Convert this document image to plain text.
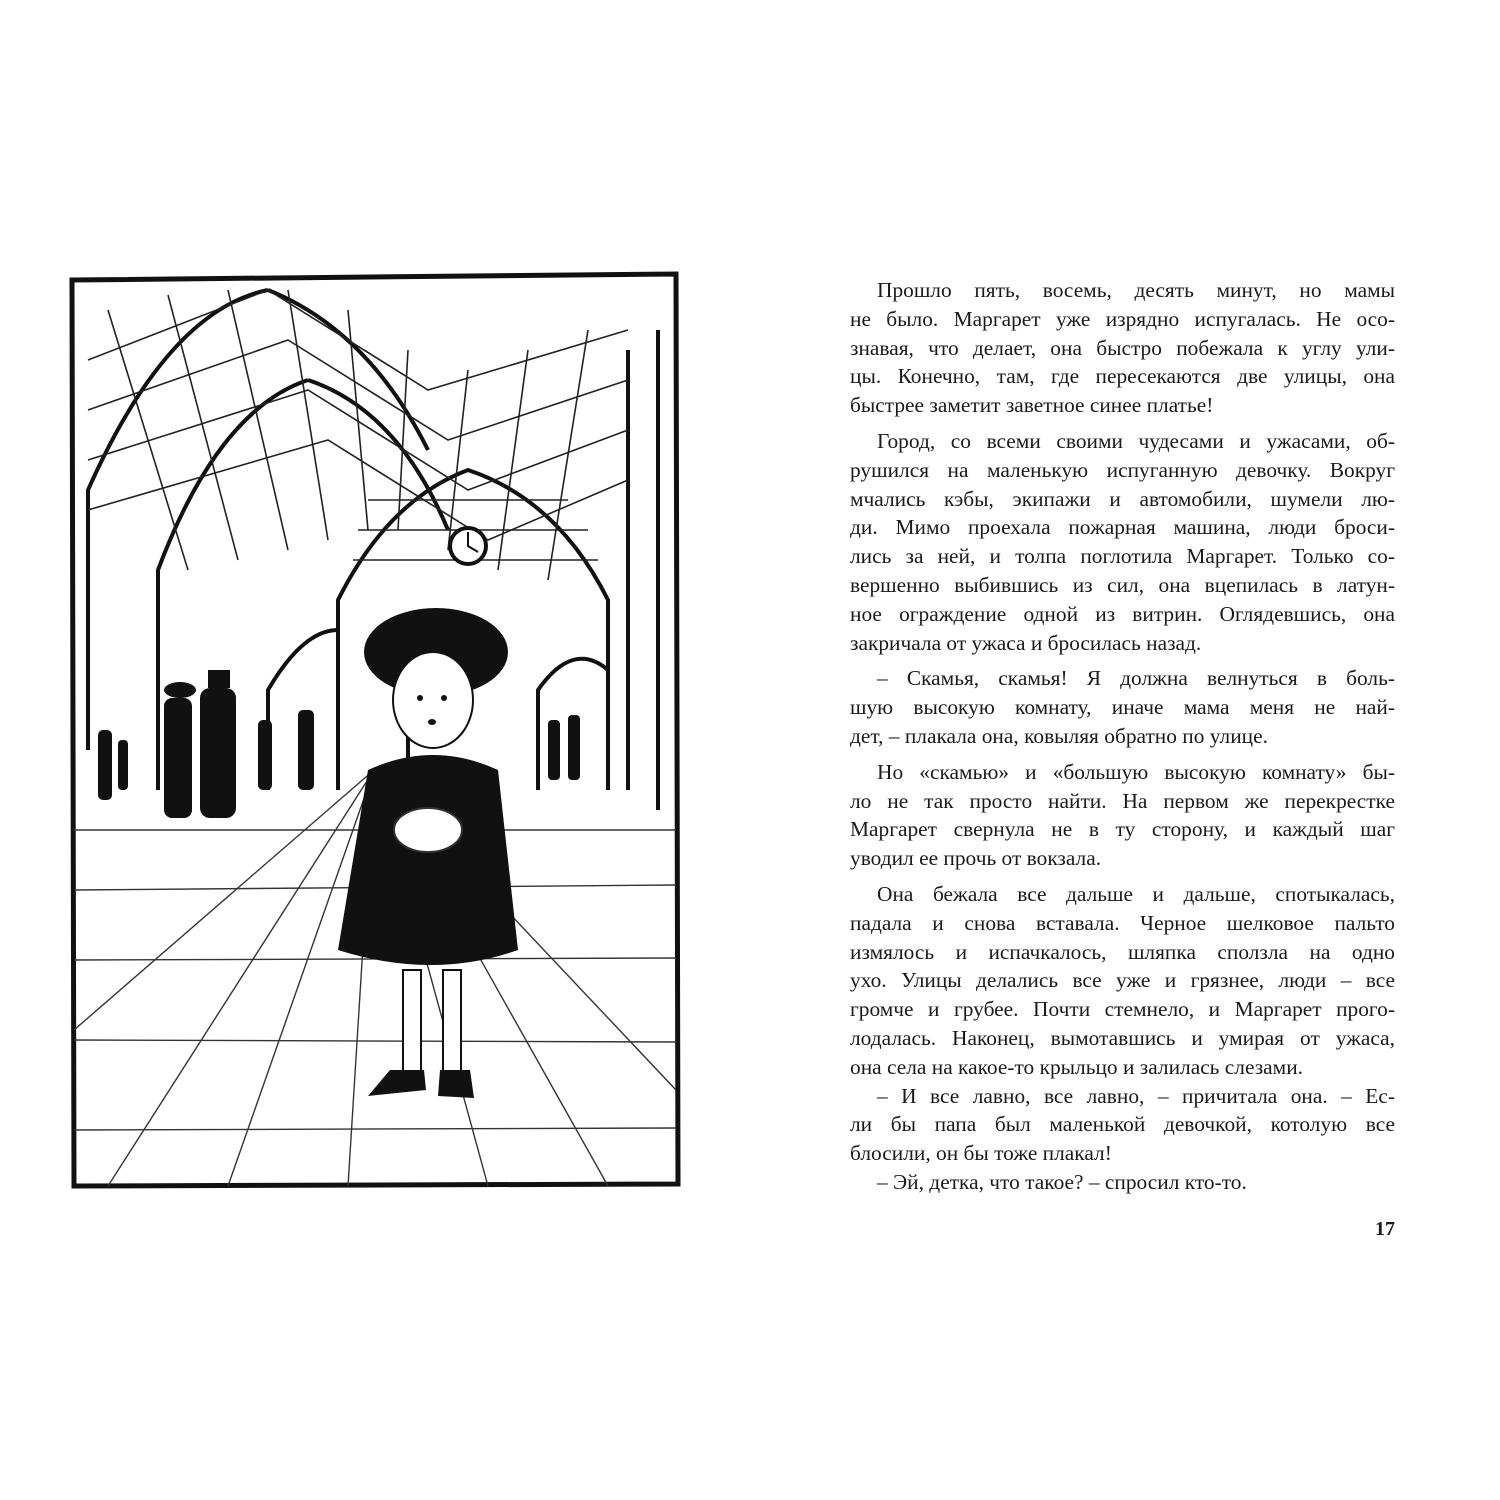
Прошло пять, восемь, десять минут, но мамы
не было. Маргарет уже изрядно испугалась. Не осо-
знавая, что делает, она быстро побежала к углу ули-
цы. Конечно, там, где пересекаются две улицы, она
быстрее заметит заветное синее платье!
Город, со всеми своими чудесами и ужасами, об-
рушился на маленькую испуганную девочку. Вокруг
мчались кэбы, экипажи и автомобили, шумели лю-
ди. Мимо проехала пожарная машина, люди броси-
лись за ней, и толпа поглотила Маргарет. Только со-
вершенно выбившись из сил, она вцепилась в латун-
ное ограждение одной из витрин. Оглядевшись, она
закричала от ужаса и бросилась назад.
– Скамья, скамья! Я должна велнуться в боль-
шую высокую комнату, иначе мама меня не най-
дет, – плакала она, ковыляя обратно по улице.
Но «скамью» и «большую высокую комнату» бы-
ло не так просто найти. На первом же перекрестке
Маргарет свернула не в ту сторону, и каждый шаг
уводил ее прочь от вокзала.
Она бежала все дальше и дальше, спотыкалась,
падала и снова вставала. Черное шелковое пальто
измялось и испачкалось, шляпка сползла на одно
ухо. Улицы делались все уже и грязнее, люди – все
громче и грубее. Почти стемнело, и Маргарет прого-
лодалась. Наконец, вымотавшись и умирая от ужаса,
она села на какое-то крыльцо и залилась слезами.
– И все лавно, все лавно, – причитала она. – Ес-
ли бы папа был маленькой девочкой, котолую все
блосили, он бы тоже плакал!
– Эй, детка, что такое? – спросил кто-то.
17
